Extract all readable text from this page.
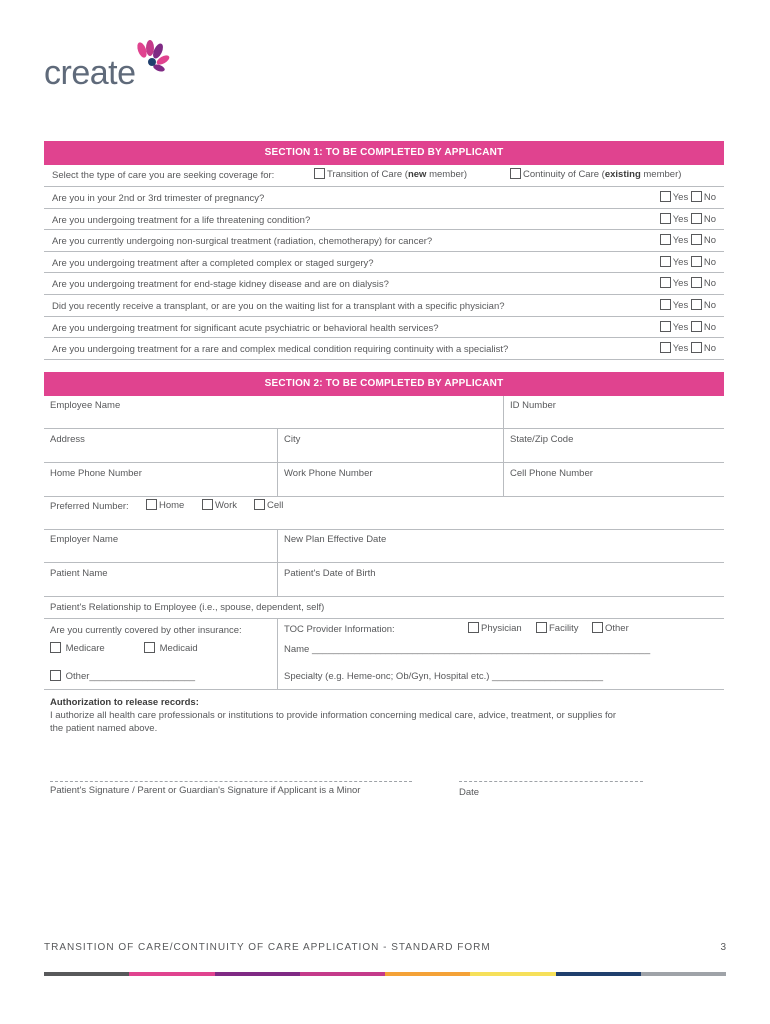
create
SECTION 1: TO BE COMPLETED BY APPLICANT
Select the type of care you are seeking coverage for:	Transition of Care (new member)	Continuity of Care (existing member)
Are you in your 2nd or 3rd trimester of pregnancy?	Yes No
Are you undergoing treatment for a life threatening condition?	Yes No
Are you currently undergoing non-surgical treatment (radiation, chemotherapy) for cancer?	Yes No
Are you undergoing treatment after a completed complex or staged surgery?	Yes No
Are you undergoing treatment for end-stage kidney disease and are on dialysis?	Yes No
Did you recently receive a transplant, or are you on the waiting list for a transplant with a specific physician?	Yes No
Are you undergoing treatment for significant acute psychiatric or behavioral health services?	Yes No
Are you undergoing treatment for a rare and complex medical condition requiring continuity with a specialist?	Yes No
SECTION 2: TO BE COMPLETED BY APPLICANT
Employee Name	ID Number
Address	City	State/Zip Code
Home Phone Number	Work Phone Number	Cell Phone Number
Preferred Number:	Home	Work	Cell
Employer Name	New Plan Effective Date
Patient Name	Patient's Date of Birth
Patient's Relationship to Employee (i.e., spouse, dependent, self)
Are you currently covered by other insurance:
Medicare	Medicaid
Other____________________
TOC Provider Information:	Physician	Facility	Other
Name ________________________________________________________________
Specialty (e.g. Heme-onc; Ob/Gyn, Hospital etc.) _____________________
Authorization to release records:
I authorize all health care professionals or institutions to provide information concerning medical care, advice, treatment, or supplies for
the patient named above.
Patient's Signature / Parent or Guardian's Signature if Applicant is a Minor	Date
TRANSITION OF CARE/CONTINUITY OF CARE APPLICATION - STANDARD FORM	3
